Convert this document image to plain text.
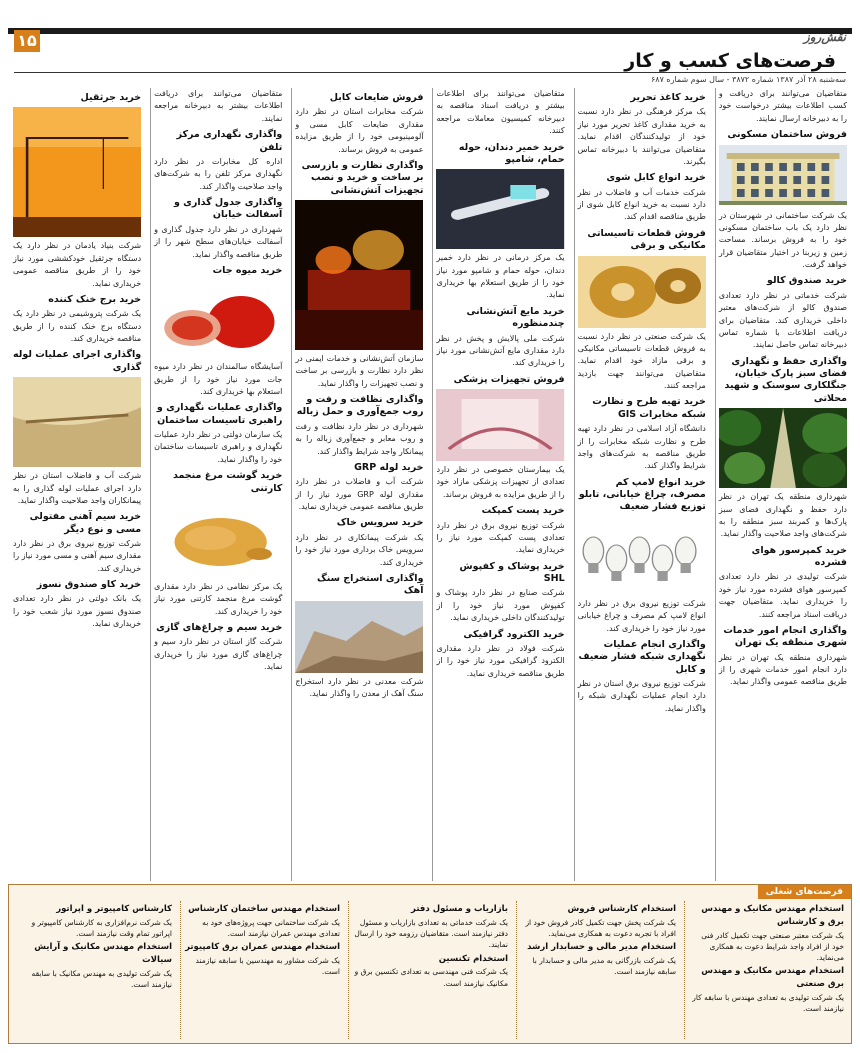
۱۵	نقش‌روز
فرصت‌های کسب و کار
سه‌شنبه ۲۸ آذر ۱۳۸۷ شماره ۳۸۷۲ - سال سوم شماره ۶۸۷
متقاضیان می‌توانند برای دریافت و کسب اطلاعات بیشتر درخواست خود را به دبیرخانه ارسال نمایند.
فروش ساختمان مسکونی
یک شرکت ساختمانی در شهرستان در نظر دارد یک باب ساختمان مسکونی خود را به فروش برساند. مساحت زمین و زیربنا در اختیار متقاضیان قرار خواهد گرفت.
خرید صندوق کالو
شرکت خدماتی در نظر دارد تعدادی صندوق کالو از شرکت‌های معتبر داخلی خریداری کند. متقاضیان برای دریافت اطلاعات با شماره تماس دبیرخانه تماس حاصل نمایند.
واگذاری حفظ و نگهداری فضای سبز پارک خیابان، جنگلکاری سوسنک و شهید محلاتی
شهرداری منطقه یک تهران در نظر دارد حفظ و نگهداری فضای سبز پارک‌ها و کمربند سبز منطقه را به شرکت‌های واجد صلاحیت واگذار نماید.
خرید کمپرسور هوای فشرده
شرکت تولیدی در نظر دارد تعدادی کمپرسور هوای فشرده مورد نیاز خود را خریداری نماید. متقاضیان جهت دریافت اسناد مراجعه کنند.
واگذاری انجام امور خدمات شهری منطقه یک تهران
شهرداری منطقه یک تهران در نظر دارد انجام امور خدمات شهری را از طریق مناقصه عمومی واگذار نماید.
خرید کاغذ تحریر
یک مرکز فرهنگی در نظر دارد نسبت به خرید مقداری کاغذ تحریر مورد نیاز خود از تولیدکنندگان اقدام نماید. متقاضیان می‌توانند با دبیرخانه تماس بگیرند.
خرید انواع کابل شوی
شرکت خدمات آب و فاضلاب در نظر دارد نسبت به خرید انواع کابل شوی از طریق مناقصه اقدام کند.
فروش قطعات تاسیساتی مکانیکی و برقی
یک شرکت صنعتی در نظر دارد نسبت به فروش قطعات تاسیساتی مکانیکی و برقی مازاد خود اقدام نماید. متقاضیان می‌توانند جهت بازدید مراجعه کنند.
خرید تهیه طرح و نظارت شبکه مخابرات GIS
دانشگاه آزاد اسلامی در نظر دارد تهیه طرح و نظارت شبکه مخابرات را از طریق مناقصه به شرکت‌های واجد شرایط واگذار کند.
خرید انواع لامپ کم مصرف، چراغ خیابانی، تابلو توزیع فشار ضعیف
شرکت توزیع نیروی برق در نظر دارد انواع لامپ کم مصرف و چراغ خیابانی مورد نیاز خود را خریداری کند.
واگذاری انجام عملیات نگهداری شبکه فشار ضعیف و کابل
شرکت توزیع نیروی برق استان در نظر دارد انجام عملیات نگهداری شبکه را واگذار نماید.
متقاضیان می‌توانند برای اطلاعات بیشتر و دریافت اسناد مناقصه به دبیرخانه کمیسیون معاملات مراجعه کنند.
خرید خمیر دندان، حوله حمام، شامپو
یک مرکز درمانی در نظر دارد خمیر دندان، حوله حمام و شامپو مورد نیاز خود را از طریق استعلام بها خریداری نماید.
خرید مایع آتش‌نشانی چندمنظوره
شرکت ملی پالایش و پخش در نظر دارد مقداری مایع آتش‌نشانی مورد نیاز را خریداری کند.
فروش تجهیزات پزشکی
یک بیمارستان خصوصی در نظر دارد تعدادی از تجهیزات پزشکی مازاد خود را از طریق مزایده به فروش برساند.
خرید پست کمپکت
شرکت توزیع نیروی برق در نظر دارد تعدادی پست کمپکت مورد نیاز را خریداری نماید.
خرید پوشاک و کفپوش SHL
شرکت صنایع در نظر دارد پوشاک و کفپوش مورد نیاز خود را از تولیدکنندگان داخلی خریداری نماید.
خرید الکترود گرافیکی
شرکت فولاد در نظر دارد مقداری الکترود گرافیکی مورد نیاز خود را از طریق مناقصه خریداری نماید.
فروش ضایعات کابل
شرکت مخابرات استان در نظر دارد مقداری ضایعات کابل مسی و آلومینیومی خود را از طریق مزایده عمومی به فروش برساند.
واگذاری نظارت و بازرسی بر ساخت و خرید و نصب تجهیزات آتش‌نشانی
سازمان آتش‌نشانی و خدمات ایمنی در نظر دارد نظارت و بازرسی بر ساخت و نصب تجهیزات را واگذار نماید.
واگذاری نظافت و رفت و روب جمع‌آوری و حمل زباله
شهرداری در نظر دارد نظافت و رفت و روب معابر و جمع‌آوری زباله را به پیمانکار واجد شرایط واگذار کند.
خرید لوله GRP
شرکت آب و فاضلاب در نظر دارد مقداری لوله GRP مورد نیاز را از طریق مناقصه عمومی خریداری نماید.
خرید سرویس خاک
یک شرکت پیمانکاری در نظر دارد سرویس خاک برداری مورد نیاز خود را خریداری کند.
واگذاری استخراج سنگ آهک
شرکت معدنی در نظر دارد استخراج سنگ آهک از معدن را واگذار نماید.
متقاضیان می‌توانند برای دریافت اطلاعات بیشتر به دبیرخانه مراجعه نمایند.
واگذاری نگهداری مرکز تلفن
اداره کل مخابرات در نظر دارد نگهداری مرکز تلفن را به شرکت‌های واجد صلاحیت واگذار کند.
واگذاری جدول گذاری و آسفالت خیابان
شهرداری در نظر دارد جدول گذاری و آسفالت خیابان‌های سطح شهر را از طریق مناقصه واگذار نماید.
خرید میوه جات
آسایشگاه سالمندان در نظر دارد میوه جات مورد نیاز خود را از طریق استعلام بها خریداری کند.
واگذاری عملیات نگهداری و راهبری تاسیسات ساختمان
یک سازمان دولتی در نظر دارد عملیات نگهداری و راهبری تاسیسات ساختمان خود را واگذار نماید.
خرید گوشت مرغ منجمد کارتنی
یک مرکز نظامی در نظر دارد مقداری گوشت مرغ منجمد کارتنی مورد نیاز خود را خریداری کند.
خرید سیم و چراغ‌های گازی
شرکت گاز استان در نظر دارد سیم و چراغ‌های گازی مورد نیاز را خریداری نماید.
خرید جرثقیل
شرکت بنیاد یادمان در نظر دارد یک دستگاه جرثقیل خودکششی مورد نیاز خود را از طریق مناقصه عمومی خریداری نماید.
خرید برج خنک کننده
یک شرکت پتروشیمی در نظر دارد یک دستگاه برج خنک کننده را از طریق مناقصه خریداری کند.
واگذاری اجرای عملیات لوله گذاری
شرکت آب و فاضلاب استان در نظر دارد اجرای عملیات لوله گذاری را به پیمانکاران واجد صلاحیت واگذار نماید.
خرید سیم آهنی مفتولی مسی و نوع دیگر
شرکت توزیع نیروی برق در نظر دارد مقداری سیم آهنی و مسی مورد نیاز را خریداری کند.
خرید کاو صندوق نسوز
یک بانک دولتی در نظر دارد تعدادی صندوق نسوز مورد نیاز شعب خود را خریداری نماید.
فرصت‌های شغلی
استخدام مهندس مکانیک و مهندس برق و کارشناس
یک شرکت معتبر صنعتی جهت تکمیل کادر فنی خود از افراد واجد شرایط دعوت به همکاری می‌نماید.
استخدام مهندس مکانیک و مهندس برق صنعتی
یک شرکت تولیدی به تعدادی مهندس با سابقه کار نیازمند است.
استخدام کارشناس فروش
یک شرکت پخش جهت تکمیل کادر فروش خود از افراد با تجربه دعوت به همکاری می‌نماید.
استخدام مدیر مالی و حسابدار ارشد
یک شرکت بازرگانی به مدیر مالی و حسابدار با سابقه نیازمند است.
بازاریاب و مسئول دفتر
یک شرکت خدماتی به تعدادی بازاریاب و مسئول دفتر نیازمند است. متقاضیان رزومه خود را ارسال نمایند.
استخدام تکنسین
یک شرکت فنی مهندسی به تعدادی تکنسین برق و مکانیک نیازمند است.
استخدام مهندس ساختمان کارشناس
یک شرکت ساختمانی جهت پروژه‌های خود به تعدادی مهندس عمران نیازمند است.
استخدام مهندس عمران برق کامپیوتر
یک شرکت مشاور به مهندسین با سابقه نیازمند است.
کارشناس کامپیوتر و اپراتور
یک شرکت نرم‌افزاری به کارشناس کامپیوتر و اپراتور تمام وقت نیازمند است.
استخدام مهندس مکانیک و آرایش سیالات
یک شرکت تولیدی به مهندس مکانیک با سابقه نیازمند است.
